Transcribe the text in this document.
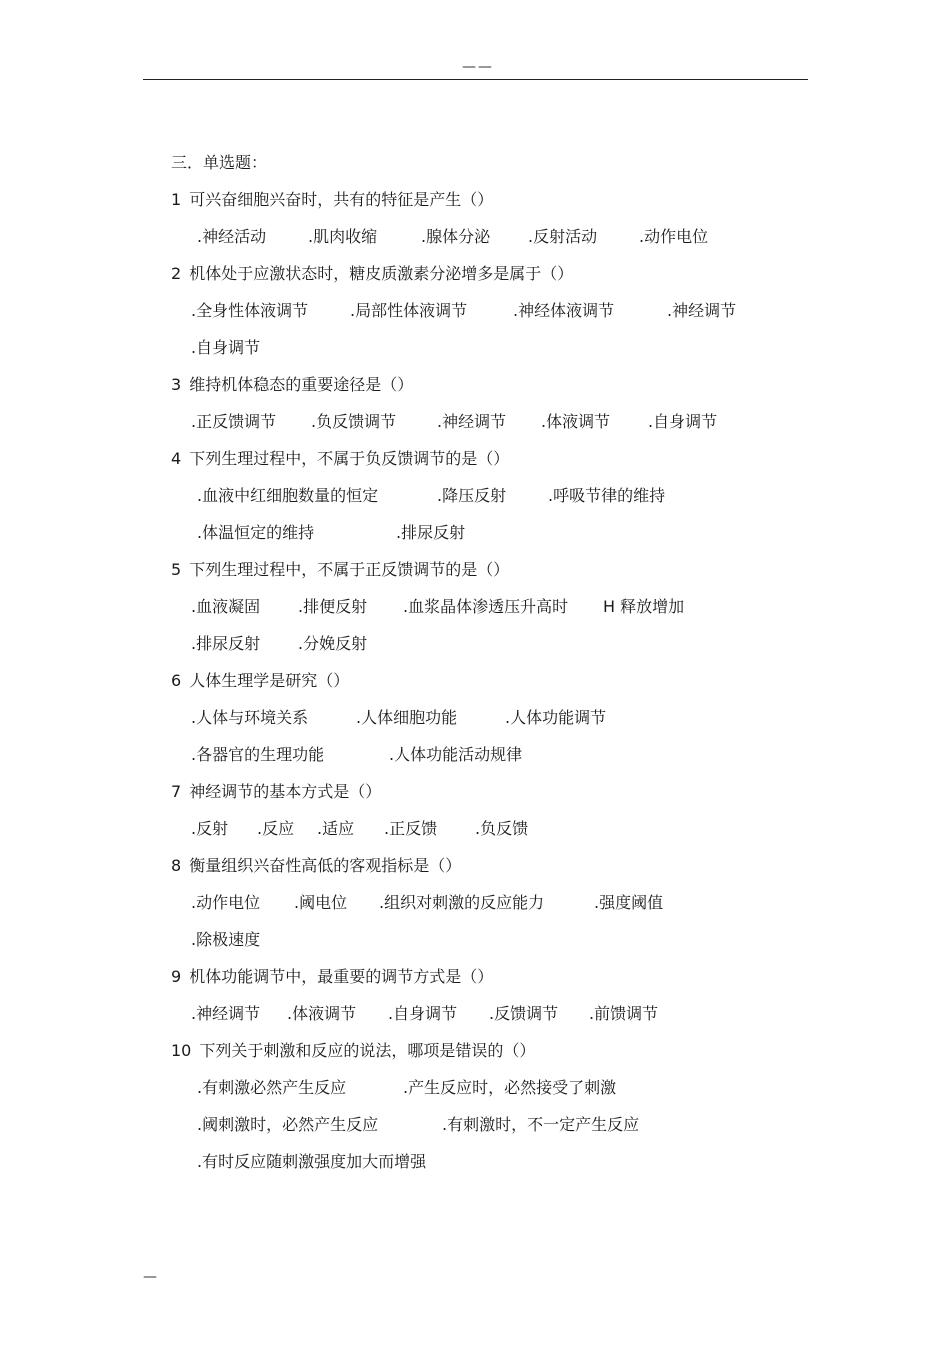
——
三．单选题：
1 可兴奋细胞兴奋时，共有的特征是产生（）
.神经活动	.肌肉收缩	.腺体分泌 .反射活动	.动作电位
2 机体处于应激状态时，糖皮质激素分泌增多是属于（）
.全身性体液调节	.局部性体液调节	.神经体液调节	.神经调节
.自身调节
3 维持机体稳态的重要途径是（）
.正反馈调节 .负反馈调节	.神经调节 .体液调节 .自身调节
4 下列生理过程中，不属于负反馈调节的是（）
.血液中红细胞数量的恒定	.降压反射	.呼吸节律的维持
.体温恒定的维持	.排尿反射
5 下列生理过程中，不属于正反馈调节的是（）
.血液凝固 .排便反射 .血浆晶体渗透压升高时 H 释放增加
.排尿反射 .分娩反射
6 人体生理学是研究（）
.人体与环境关系	.人体细胞功能	.人体功能调节
.各器官的生理功能	.人体功能活动规律
7 神经调节的基本方式是（）
.反射 .反应 .适应 .正反馈 .负反馈
8 衡量组织兴奋性高低的客观指标是（）
.动作电位 .阈电位 .组织对刺激的反应能力	.强度阈值
.除极速度
9 机体功能调节中，最重要的调节方式是（）
.神经调节 .体液调节 .自身调节 .反馈调节 .前馈调节
10 下列关于刺激和反应的说法，哪项是错误的（）
.有刺激必然产生反应	.产生反应时，必然接受了刺激
.阈刺激时，必然产生反应	.有刺激时，不一定产生反应
.有时反应随刺激强度加大而增强
—
